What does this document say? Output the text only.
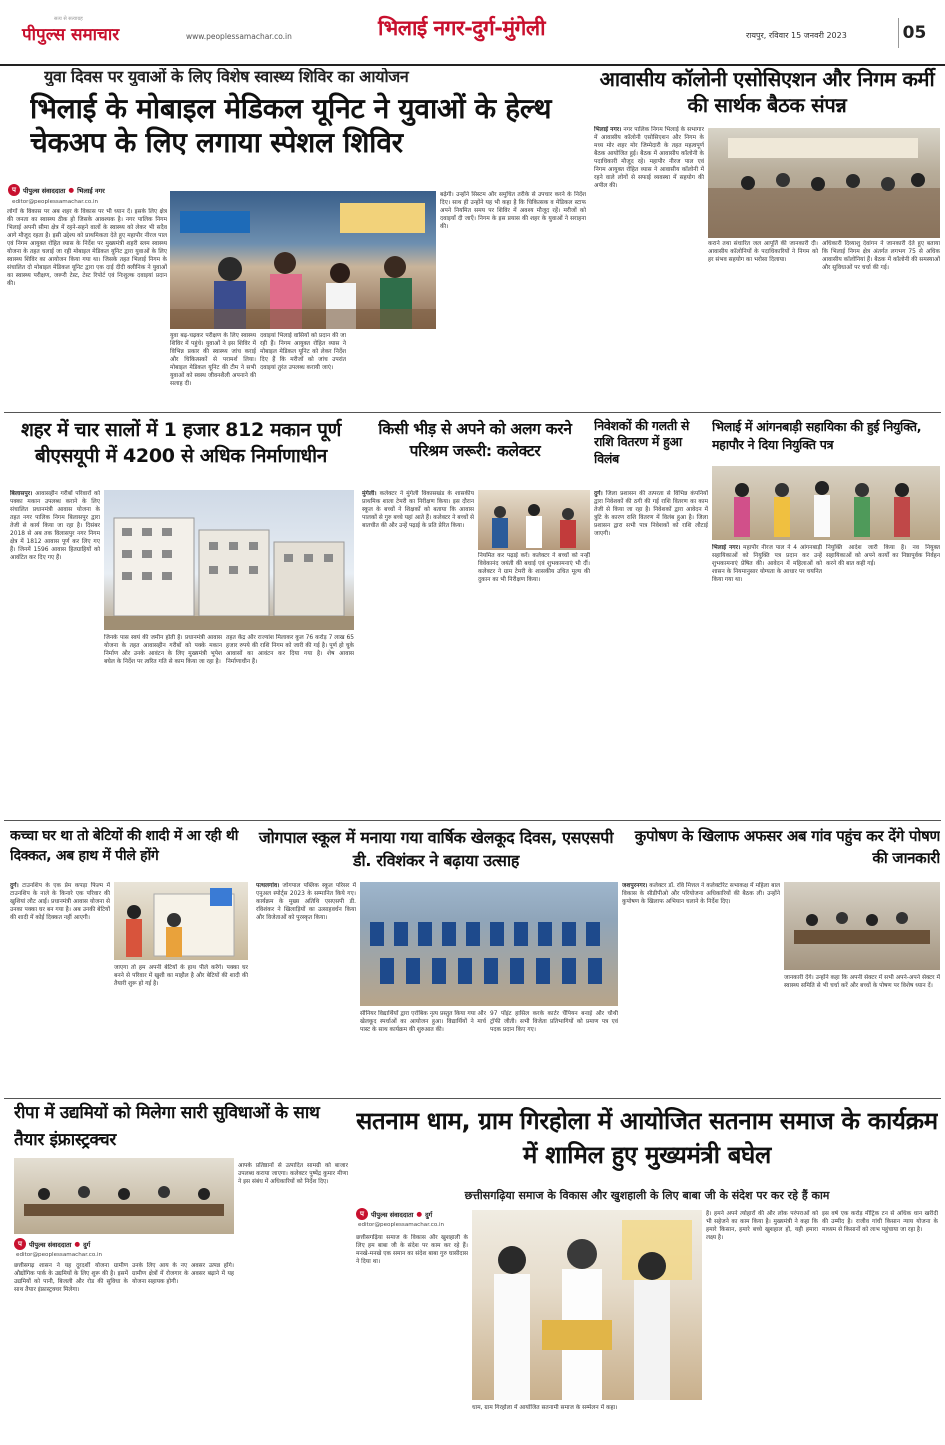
सत्य से सत्याग्रह
पीपुल्स समाचार	www.peoplessamachar.co.in	भिलाई नगर-दुर्ग-मुंगेली	रायपुर, रविवार 15 जनवरी 2023	05
युवा दिवस पर युवाओं के लिए विशेष स्वास्थ्य शिविर का आयोजन
भिलाई के मोबाइल मेडिकल यूनिट ने युवाओं के हेल्थ चेकअप के लिए लगाया स्पेशल शिविर
प	पीपुल्स संवाददाता ● भिलाई नगर
editor@peoplessamachar.co.in
लोगों के विकास पर अब शहर के विकास पर भी ध्यान दें। इसके लिए क्षेत्र की जनता का स्वास्थ्य ठीक हो जिसके आवश्यक है। नगर पालिक निगम भिलाई अपनी सीमा क्षेत्र में रहने-सहने वालों के स्वास्थ्य को लेकर भी सदैव आगे मौजूद रहता है। इसी उद्देश्य को प्राथमिकता देते हुए महापौर नीरज पाल एवं निगम आयुक्त रोहित व्यास के निर्देश पर मुख्यमंत्री शहरी स्लम स्वास्थ्य योजना के तहत चलाई जा रही मोबाइल मेडिकल यूनिट द्वारा युवाओं के लिए स्वास्थ्य शिविर का आयोजन किया गया था। जिसके तहत भिलाई निगम के संचालित दो मोबाइल मेडिकल यूनिट द्वारा एक दाई दीदी क्लीनिक ने युवाओं का स्वास्थ्य परीक्षण, जरूरी टेस्ट, टेस्ट रिपोर्ट एवं निःशुल्क दवाइयां प्रदान की।
युवा बढ़-चढ़कर परीक्षण के लिए स्वास्थ्य शिविर में पहुंचे। युवाओं ने इस शिविर में विभिन्न प्रकार की स्वास्थ्य जांच कराई और चिकित्सकों से परामर्श लिया। मोबाइल मेडिकल यूनिट की टीम ने सभी युवाओं को स्वस्थ जीवनशैली अपनाने की सलाह दी।
दवाइयां भिलाई वासियों को प्रदान की जा रही हैं। निगम आयुक्त रोहित व्यास ने मोबाइल मेडिकल यूनिट को लेकर निर्देश दिए हैं कि मरीजों को जांच उपरांत दवाइयां तुरंत उपलब्ध करायी जाएं।
बढ़ेगी। उन्होंने सिस्टम और समुचित तरीके से उपचार करने के निर्देश दिए। साथ ही उन्होंने यह भी कहा है कि चिकित्सक व मेडिकल स्टाफ अपने नियमित समय पर शिविर में अवश्य मौजूद रहें। मरीजों को दवाइयाँ दी जाएँ। निगम के इस प्रयास की शहर के युवाओं ने सराहना की।
आवासीय कॉलोनी एसोसिएशन और निगम कर्मी की सार्थक बैठक संपन्न
भिलाई नगर। नगर पालिक निगम भिलाई के सभागार में आवासीय कॉलोनी एसोसिएशन और निगम के मध्य मोर शहर मोर जिम्मेदारी के तहत महत्वपूर्ण बैठक आयोजित हुई। बैठक में आवासीय कॉलोनी के पदाधिकारी मौजूद रहे। महापौर नीरज पाल एवं निगम आयुक्त रोहित व्यास ने आवासीय कॉलोनी में रहने वाले लोगों से सफाई व्यवस्था में सहयोग की अपील की।
कराने तथा संधारित जल आपूर्ति की जानकारी दी। आवासीय कॉलोनियों के पदाधिकारियों ने निगम को हर संभव सहयोग का भरोसा दिलाया।
अधिकारी दिव्याशु देवांगन ने जानकारी देते हुए बताया कि भिलाई निगम क्षेत्र अंतर्गत लगभग 75 से अधिक आवासीय कॉलोनियां हैं। बैठक में कॉलोनी की समस्याओं और सुविधाओं पर चर्चा की गई।
शहर में चार सालों में 1 हजार 812 मकान पूर्ण बीएसयूपी में 4200 से अधिक निर्माणाधीन
बिलासपुर। आवासहीन गरीबों परिवारों को पक्का मकान उपलब्ध कराने के लिए संचालित प्रधानमंत्री आवास योजना के तहत नगर पालिक निगम बिलासपुर द्वारा तेजी से कार्य किया जा रहा है। दिसंबर 2018 से अब तक विलासपुर नगर निगम क्षेत्र में 1812 आवास पूर्ण कर लिए गए हैं। जिनमें 1596 आवास हितग्राहियों को आवंटित कर दिए गए हैं।
जिनके पास स्वयं की जमीन होती है। प्रधानमंत्री आवास योजना के तहत आवासहीन गरीबों को पक्के मकान निर्माण और उनके आवंटन के लिए मुख्यमंत्री भूपेश बघेल के निर्देश पर त्वरित गति से काम किया जा रहा है।
तहत केंद्र और राज्यांश मिलाकर कुल 76 करोड़ 7 लाख 65 हजार रुपये की राशि निगम को जारी की गई है। पूर्ण हो चुके आवासों का आवंटन कर दिया गया है। शेष आवास निर्माणाधीन हैं।
किसी भीड़ से अपने को अलग करने परिश्रम जरूरी: कलेक्टर
मुंगेली। कलेक्टर ने मुंगेली विकासखंड के शासकीय प्राथमिक शाला टेमरी का निरीक्षण किया। इस दौरान स्कूल के बच्चों ने शिक्षकों को बताया कि आवास पालकों से गुरु बच्चे यहां आते हैं। कलेक्टर ने बच्चों से बातचीत की और उन्हें पढ़ाई के प्रति प्रेरित किया।
नियमित कर पढ़ाई करें। कलेक्टर ने बच्चों को नन्हीं विवेकानंद जयंती की बधाई एवं शुभकामनाएं भी दीं। कलेक्टर ने ग्राम टेमरी के शासकीय उचित मूल्य की दुकान का भी निरीक्षण किया।
निवेशकों की गलती से राशि वितरण में हुआ विलंब
दुर्ग। जिला प्रशासन की तत्परता से विभिन्न कंपनियों द्वारा निवेशकों की ठगी की गई राशि वितरण का काम तेजी से किया जा रहा है। निवेशकों द्वारा आवेदन में त्रुटि के कारण राशि वितरण में विलंब हुआ है। जिला प्रशासन द्वारा सभी पात्र निवेशकों को राशि लौटाई जाएगी।
भिलाई में आंगनबाड़ी सहायिका की हुई नियुक्ति, महापौर ने दिया नियुक्ति पत्र
भिलाई नगर। महापौर नीरज पाल ने 4 आंगनबाड़ी सहायिकाओं को नियुक्ति पत्र प्रदान कर उन्हें शुभकामनाएं प्रेषित की। आवेदन में महिलाओं को शासन के नियमानुसार योग्यता के आधार पर चयनित किया गया था।
नियुक्ति आदेश जारी किया है। नव नियुक्त सहायिकाओं को अपने कार्यों का निष्ठापूर्वक निर्वहन करने की बात कही गई।
कच्चा घर था तो बेटियों की शादी में आ रही थी दिक्कत, अब हाथ में पीले होंगे
दुर्ग। टाउनशिप के एक प्रेम कपड़ा फिल्म में टाउनशिप के नाले के किनारे एक परिवार की खुशियां लौट आईं। प्रधानमंत्री आवास योजना से उनका पक्का घर बन गया है। अब उनकी बेटियों की शादी में कोई दिक्कत नहीं आएगी।
जाएगा तो हम अपनी बेटियों के हाथ पीले करेंगे। पक्का घर बनने से परिवार में खुशी का माहौल है और बेटियों की शादी की तैयारी शुरू हो गई है।
जोगपाल स्कूल में मनाया गया वार्षिक खेलकूद दिवस, एसएसपी डी. रविशंकर ने बढ़ाया उत्साह
पत्थलगांव। जोगपाल पब्लिक स्कूल परिसर में एनुअल स्पोर्ट्स 2023 के सम्मानित किये गए। कार्यक्रम के मुख्य अतिथि एसएसपी डी. रविशंकर ने खिलाड़ियों का उत्साहवर्धन किया और विजेताओं को पुरस्कृत किया।
सीनियर विद्यार्थियों द्वारा एरोबिक नृत्य प्रस्तुत किया गया और खेलकूद स्पर्धाओं का आयोजन हुआ। विद्यार्थियों ने मार्च पास्ट के साथ कार्यक्रम की शुरुआत की।
97 पॉइंट हासिल करके कार्टर चैंपियन बनाई और चौथी ट्रॉफी जीती। सभी विजेता प्रतिभागियों को प्रमाण पत्र एवं पदक प्रदान किए गए।
कुपोषण के खिलाफ अफसर अब गांव पहुंच कर देंगे पोषण की जानकारी
जशपुरनगर। कलेक्टर डॉ. रवि मित्तल ने कलेक्टोरेट सभाकक्ष में महिला बाल विकास के सीडीपीओ और परियोजना अधिकारियों की बैठक ली। उन्होंने कुपोषण के खिलाफ अभियान चलाने के निर्देश दिए।
जानकारी देंगे। उन्होंने कहा कि अपनी सेक्टर में सभी अपने-अपने सेक्टर में स्वास्थ्य समिति से भी चर्चा करें और बच्चों के पोषण पर विशेष ध्यान दें।
रीपा में उद्यमियों को मिलेगा सारी सुविधाओं के साथ तैयार इंफ्रास्ट्रक्चर
प	पीपुल्स संवाददाता ● दुर्ग
editor@peoplessamachar.co.in
छत्तीसगढ़ शासन ने यह दूरदर्शी योजना ग्रामीण औद्योगिक पार्क के उद्यमियों के लिए शुरू की है। इसमें उद्यमियों को पानी, बिजली और रोड की सुविधा के साथ तैयार इंफ्रास्ट्रक्चर मिलेगा।
आपके प्रतिष्ठानों से उत्पादित सामग्री को बाजार उपलब्ध कराया जाएगा। कलेक्टर पुष्पेंद्र कुमार मीणा ने इस संबंध में अधिकारियों को निर्देश दिए।
उनके लिए आय के नए अवसर उत्पन्न होंगे। ग्रामीण क्षेत्रों में रोजगार के अवसर बढ़ाने में यह योजना सहायक होगी।
सतनाम धाम, ग्राम गिरहोला में आयोजित सतनाम समाज के कार्यक्रम में शामिल हुए मुख्यमंत्री बघेल
छत्तीसगढ़िया समाज के विकास और खुशहाली के लिए बाबा जी के संदेश पर कर रहे हैं काम
प	पीपुल्स संवाददाता ● दुर्ग
editor@peoplessamachar.co.in
छत्तीसगढ़िया समाज के विकास और खुशहाली के लिए हम बाबा जी के संदेश पर काम कर रहे हैं। मनखे-मनखे एक समान का संदेश बाबा गुरु घासीदास ने दिया था।
धाम, ग्राम गिरहोला में आयोजित सतनामी समाज के सम्मेलन में कहा।
है। हमने अपने त्योहारों की और लोक परंपराओं को भी सहेजने का काम किया है। मुख्यमंत्री ने कहा कि हमारे किसान, हमारे बच्चे खुशहाल हों, यही हमारा लक्ष्य है।
इस वर्ष एक करोड़ मीट्रिक टन से अधिक धान खरीदी की उम्मीद है। राजीव गांधी किसान न्याय योजना के माध्यम से किसानों को लाभ पहुंचाया जा रहा है।
